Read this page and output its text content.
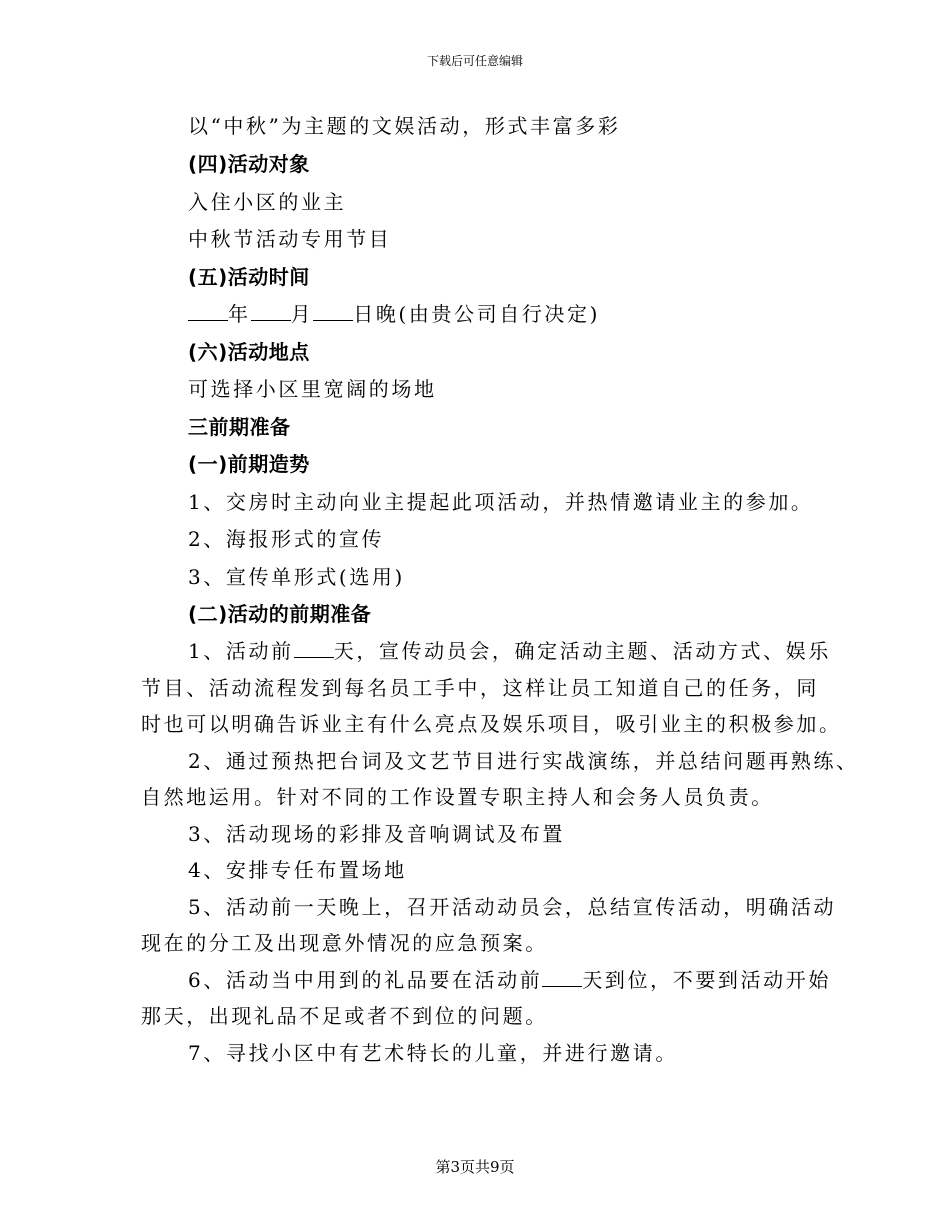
下载后可任意编辑
以“中秋”为主题的文娱活动，形式丰富多彩
(四)活动对象
入住小区的业主
中秋节活动专用节目
(五)活动时间
年 月 日晚(由贵公司自行决定)
(六)活动地点
可选择小区里宽阔的场地
三前期准备
(一)前期造势
1、交房时主动向业主提起此项活动，并热情邀请业主的参加。
2、海报形式的宣传
3、宣传单形式(选用)
(二)活动的前期准备
1、活动前 天，宣传动员会，确定活动主题、活动方式、娱乐
节目、活动流程发到每名员工手中，这样让员工知道自己的任务，同
时也可以明确告诉业主有什么亮点及娱乐项目，吸引业主的积极参加。
2、通过预热把台词及文艺节目进行实战演练，并总结问题再熟练、
自然地运用。针对不同的工作设置专职主持人和会务人员负责。
3、活动现场的彩排及音响调试及布置
4、安排专任布置场地
5、活动前一天晚上，召开活动动员会，总结宣传活动，明确活动
现在的分工及出现意外情况的应急预案。
6、活动当中用到的礼品要在活动前 天到位，不要到活动开始
那天，出现礼品不足或者不到位的问题。
7、寻找小区中有艺术特长的儿童，并进行邀请。
第3页共9页
